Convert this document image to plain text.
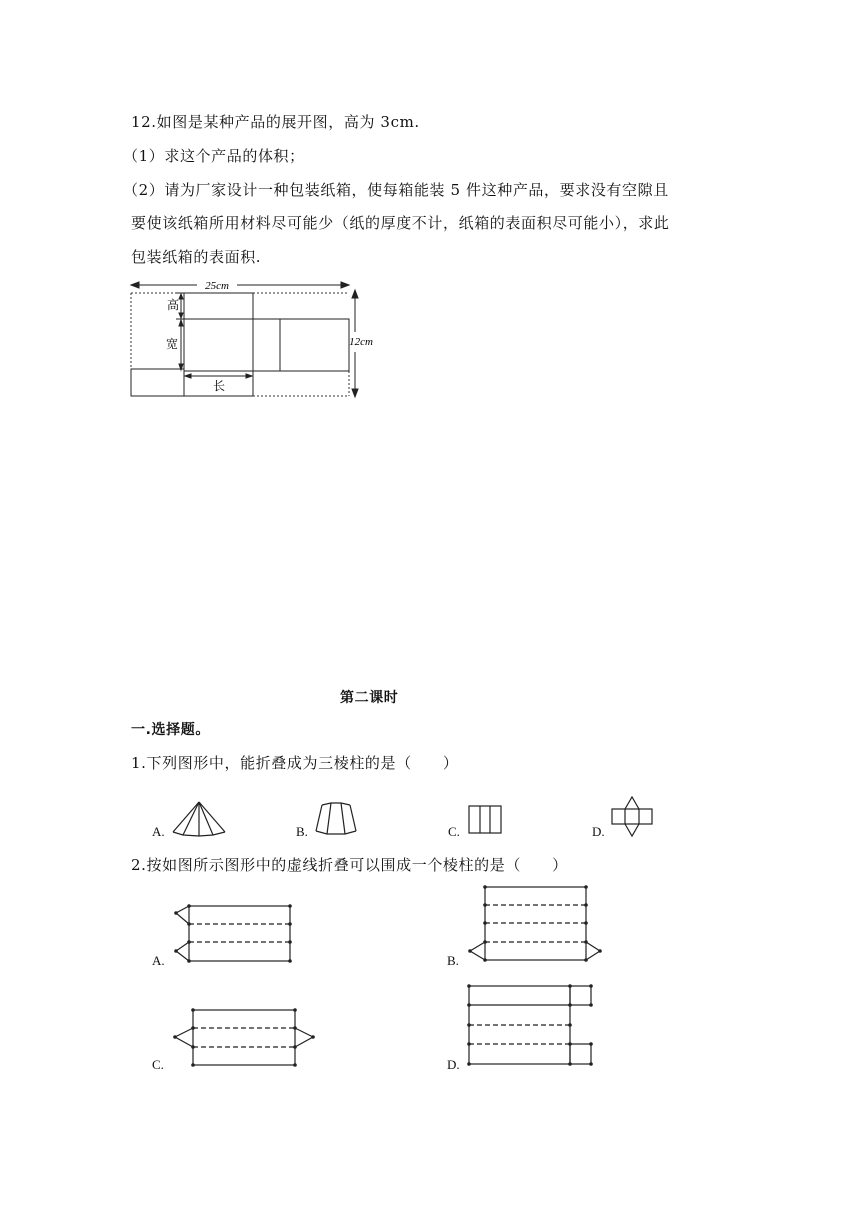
12.如图是某种产品的展开图，高为 3cm.
（1）求这个产品的体积；
（2）请为厂家设计一种包装纸箱，使每箱能装 5 件这种产品，要求没有空隙且
要使该纸箱所用材料尽可能少（纸的厚度不计，纸箱的表面积尽可能小），求此
包装纸箱的表面积.
25cm
12cm
高
宽
长
第二课时
一.选择题。
1.下列图形中，能折叠成为三棱柱的是（　　）
A.	B.	C.	D.
2.按如图所示图形中的虚线折叠可以围成一个棱柱的是（　　）
A.	B.
C.	D.
